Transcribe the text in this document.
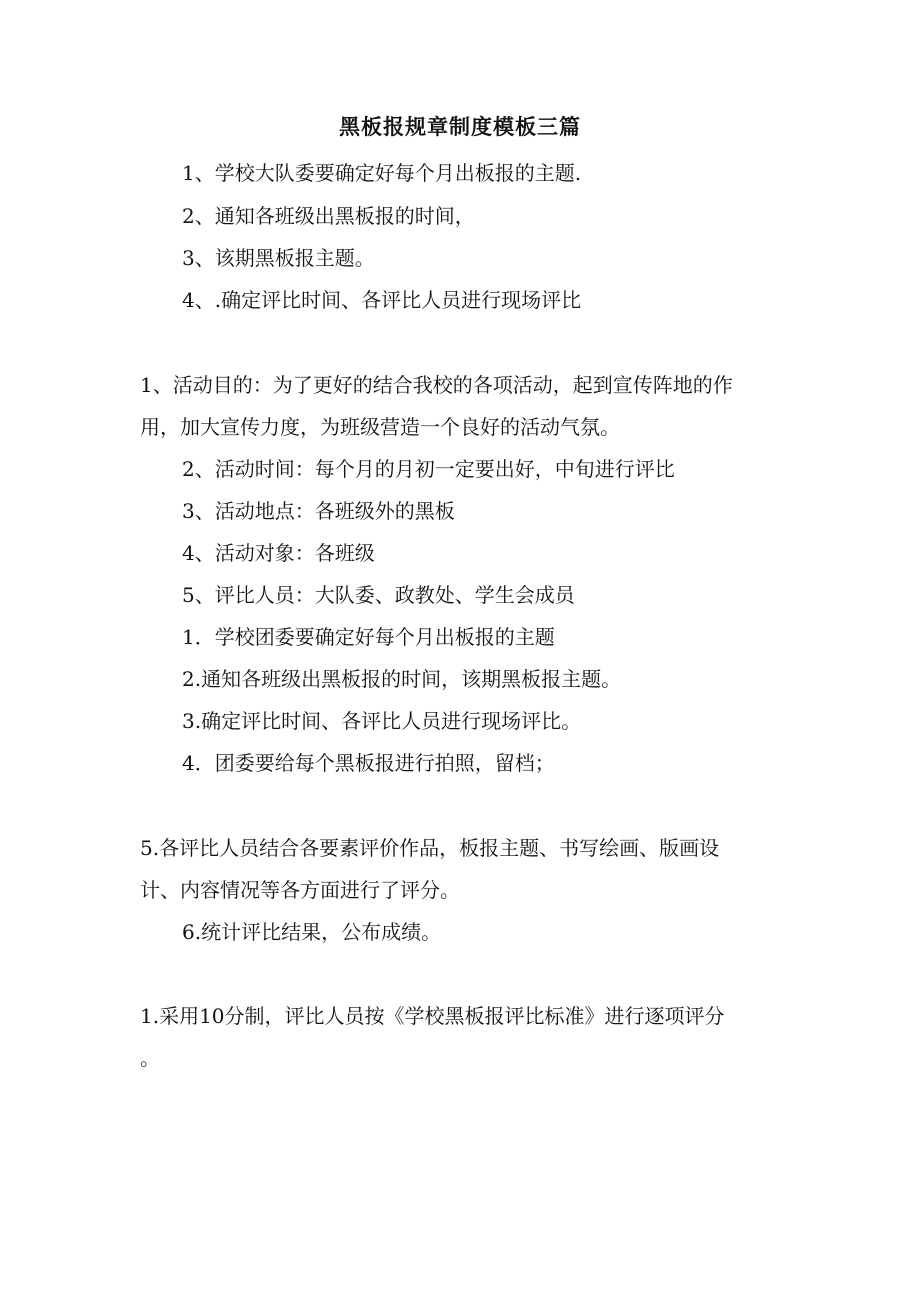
黑板报规章制度模板三篇
1、学校大队委要确定好每个月出板报的主题.
2、通知各班级出黑板报的时间，
3、该期黑板报主题。
4、.确定评比时间、各评比人员进行现场评比
1、活动目的：为了更好的结合我校的各项活动，起到宣传阵地的作
用，加大宣传力度，为班级营造一个良好的活动气氛。
2、活动时间：每个月的月初一定要出好，中旬进行评比
3、活动地点：各班级外的黑板
4、活动对象：各班级
5、评比人员：大队委、政教处、学生会成员
1．学校团委要确定好每个月出板报的主题
2.通知各班级出黑板报的时间，该期黑板报主题。
3.确定评比时间、各评比人员进行现场评比。
4．团委要给每个黑板报进行拍照，留档；
5.各评比人员结合各要素评价作品，板报主题、书写绘画、版画设
计、内容情况等各方面进行了评分。
6.统计评比结果，公布成绩。
1.采用10分制，评比人员按《学校黑板报评比标准》进行逐项评分
。
